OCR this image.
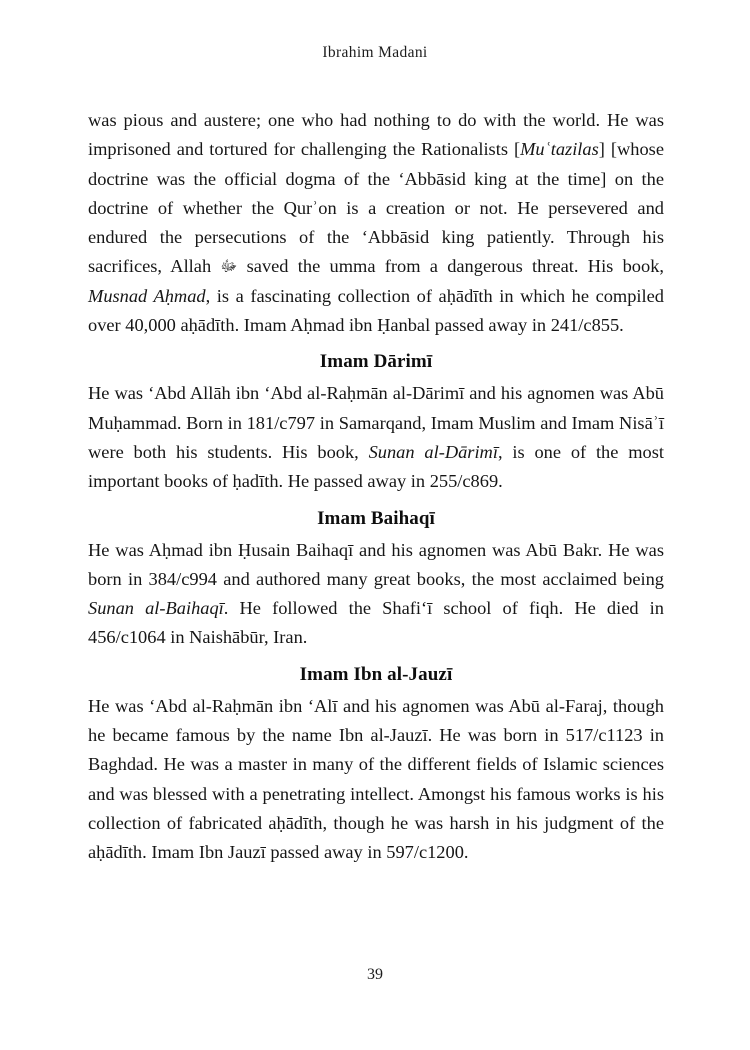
Ibrahim Madani

was pious and austere; one who had nothing to do with the world. He was imprisoned and tortured for challenging the Rationalists [Muʿtazilas] [whose doctrine was the official dogma of the ʻAbbāsid king at the time] on the doctrine of whether the Qurʾon is a creation or not. He persevered and endured the persecutions of the ʻAbbāsid king patiently. Through his sacrifices, Allah ﷻ saved the umma from a dangerous threat. His book, Musnad Aḥmad, is a fascinating collection of aḥādīth in which he compiled over 40,000 aḥādīth. Imam Aḥmad ibn Ḥanbal passed away in 241/c855.

Imam Dārimī

He was ʻAbd Allāh ibn ʻAbd al-Raḥmān al-Dārimī and his agnomen was Abū Muḥammad. Born in 181/c797 in Samarqand, Imam Muslim and Imam Nisāʾī were both his students. His book, Sunan al-Dārimī, is one of the most important books of ḥadīth. He passed away in 255/c869.

Imam Baihaqī

He was Aḥmad ibn Ḥusain Baihaqī and his agnomen was Abū Bakr. He was born in 384/c994 and authored many great books, the most acclaimed being Sunan al-Baihaqī. He followed the Shafiʻī school of fiqh. He died in 456/c1064 in Naishābūr, Iran.

Imam Ibn al-Jauzī

He was ʻAbd al-Raḥmān ibn ʻAlī and his agnomen was Abū al-Faraj, though he became famous by the name Ibn al-Jauzī. He was born in 517/c1123 in Baghdad. He was a master in many of the different fields of Islamic sciences and was blessed with a penetrating intellect. Amongst his famous works is his collection of fabricated aḥādīth, though he was harsh in his judgment of the aḥādīth. Imam Ibn Jauzī passed away in 597/c1200.

39
